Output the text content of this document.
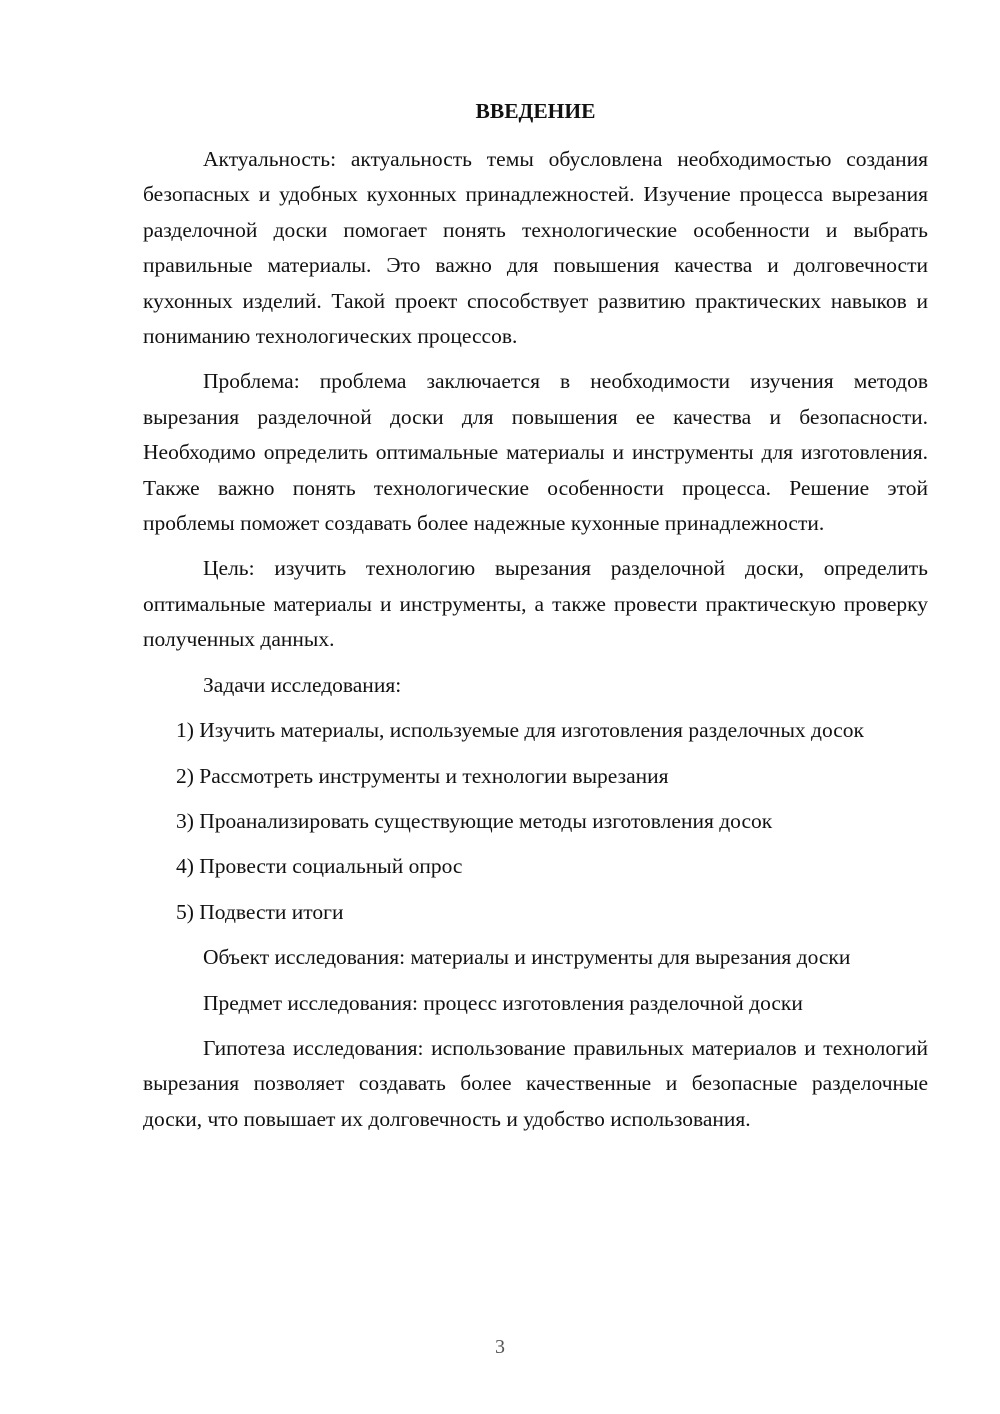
ВВЕДЕНИЕ

Актуальность: актуальность темы обусловлена необходимостью создания безопасных и удобных кухонных принадлежностей. Изучение процесса вырезания разделочной доски помогает понять технологические особенности и выбрать правильные материалы. Это важно для повышения качества и долговечности кухонных изделий. Такой проект способствует развитию практических навыков и пониманию технологических процессов.

Проблема: проблема заключается в необходимости изучения методов вырезания разделочной доски для повышения ее качества и безопасности. Необходимо определить оптимальные материалы и инструменты для изготовления. Также важно понять технологические особенности процесса. Решение этой проблемы поможет создавать более надежные кухонные принадлежности.

Цель: изучить технологию вырезания разделочной доски, определить оптимальные материалы и инструменты, а также провести практическую проверку полученных данных.

Задачи исследования:

1) Изучить материалы, используемые для изготовления разделочных досок

2) Рассмотреть инструменты и технологии вырезания

3) Проанализировать существующие методы изготовления досок

4) Провести социальный опрос

5) Подвести итоги

Объект исследования: материалы и инструменты для вырезания доски

Предмет исследования: процесс изготовления разделочной доски

Гипотеза исследования: использование правильных материалов и технологий вырезания позволяет создавать более качественные и безопасные разделочные доски, что повышает их долговечность и удобство использования.

3
